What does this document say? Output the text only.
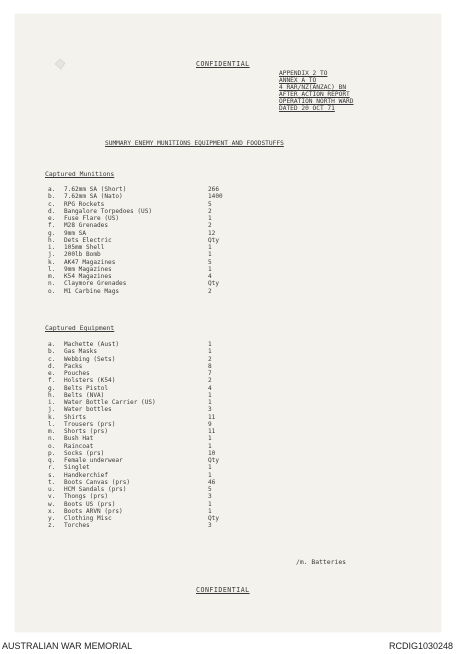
CONFIDENTIAL
APPENDIX 2 TO
ANNEX A TO
4 RAR/NZ(ANZAC) BN
AFTER ACTION REPORT
OPERATION NORTH WARD
DATED 20 OCT 71
SUMMARY ENEMY MUNITIONS EQUIPMENT AND FOODSTUFFS
Captured Munitions
a.	7.62mm SA (Short)	266
b.	7.62mm SA (Nato)	1400
c.	RPG Rockets	5
d.	Bangalore Torpedoes (US)	2
e.	Fuse Flare (US)	1
f.	M28 Grenades	2
g.	9mm SA	12
h.	Dets Electric	Qty
i.	105mm Shell	1
j.	200lb Bomb	1
k.	AK47 Magazines	5
l.	9mm Magazines	1
m.	K54 Magazines	4
n.	Claymore Grenades	Qty
o.	M1 Carbine Mags	2
Captured Equipment
a.	Machette (Aust)	1
b.	Gas Masks	1
c.	Webbing (Sets)	2
d.	Packs	8
e.	Pouches	7
f.	Holsters (K54)	2
g.	Belts Pistol	4
h.	Belts (NVA)	1
i.	Water Bottle Carrier (US)	1
j.	Water bottles	3
k.	Shirts	11
l.	Trousers (prs)	9
m.	Shorts (prs)	11
n.	Bush Hat	1
o.	Raincoat	1
p.	Socks (prs)	10
q.	Female underwear	Qty
r.	Singlet	1
s.	Handkerchief	1
t.	Boots Canvas (prs)	46
u.	HCM Sandals (prs)	5
v.	Thongs (prs)	3
w.	Boots US (prs)	1
x.	Boots ARVN (prs)	1
y.	Clothing Misc	Qty
z.	Torches	3
/m. Batteries
CONFIDENTIAL
AUSTRALIAN WAR MEMORIAL	RCDIG1030248
